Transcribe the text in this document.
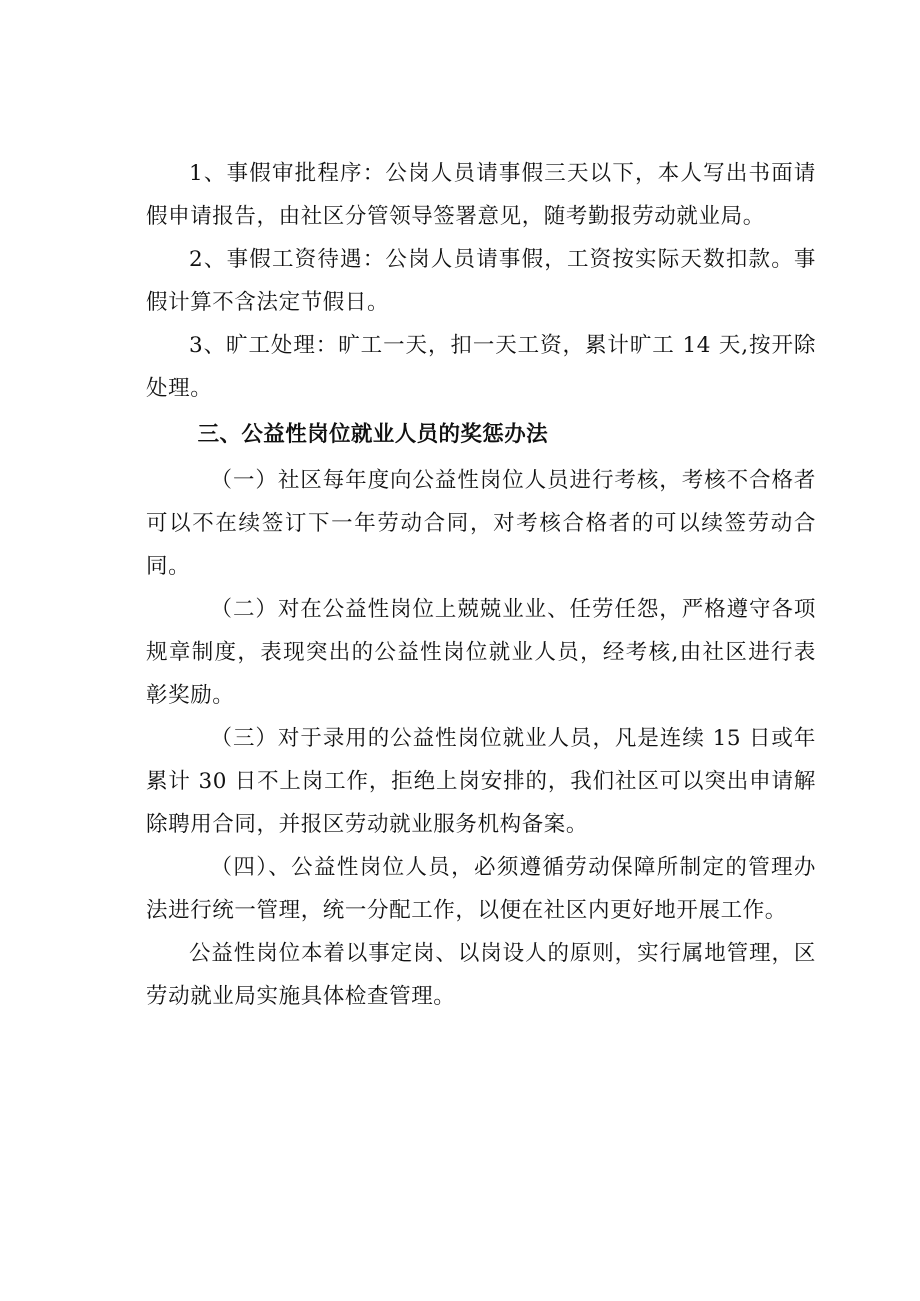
1、事假审批程序：公岗人员请事假三天以下，本人写出书面请假申请报告，由社区分管领导签署意见，随考勤报劳动就业局。

2、事假工资待遇：公岗人员请事假，工资按实际天数扣款。事假计算不含法定节假日。

3、旷工处理：旷工一天，扣一天工资，累计旷工 14 天,按开除处理。

三、公益性岗位就业人员的奖惩办法

（一）社区每年度向公益性岗位人员进行考核，考核不合格者可以不在续签订下一年劳动合同，对考核合格者的可以续签劳动合同。

（二）对在公益性岗位上兢兢业业、任劳任怨，严格遵守各项规章制度，表现突出的公益性岗位就业人员，经考核,由社区进行表彰奖励。

（三）对于录用的公益性岗位就业人员，凡是连续 15 日或年累计 30 日不上岗工作，拒绝上岗安排的，我们社区可以突出申请解除聘用合同，并报区劳动就业服务机构备案。

（四）、公益性岗位人员，必须遵循劳动保障所制定的管理办法进行统一管理，统一分配工作，以便在社区内更好地开展工作。

公益性岗位本着以事定岗、以岗设人的原则，实行属地管理，区劳动就业局实施具体检查管理。
